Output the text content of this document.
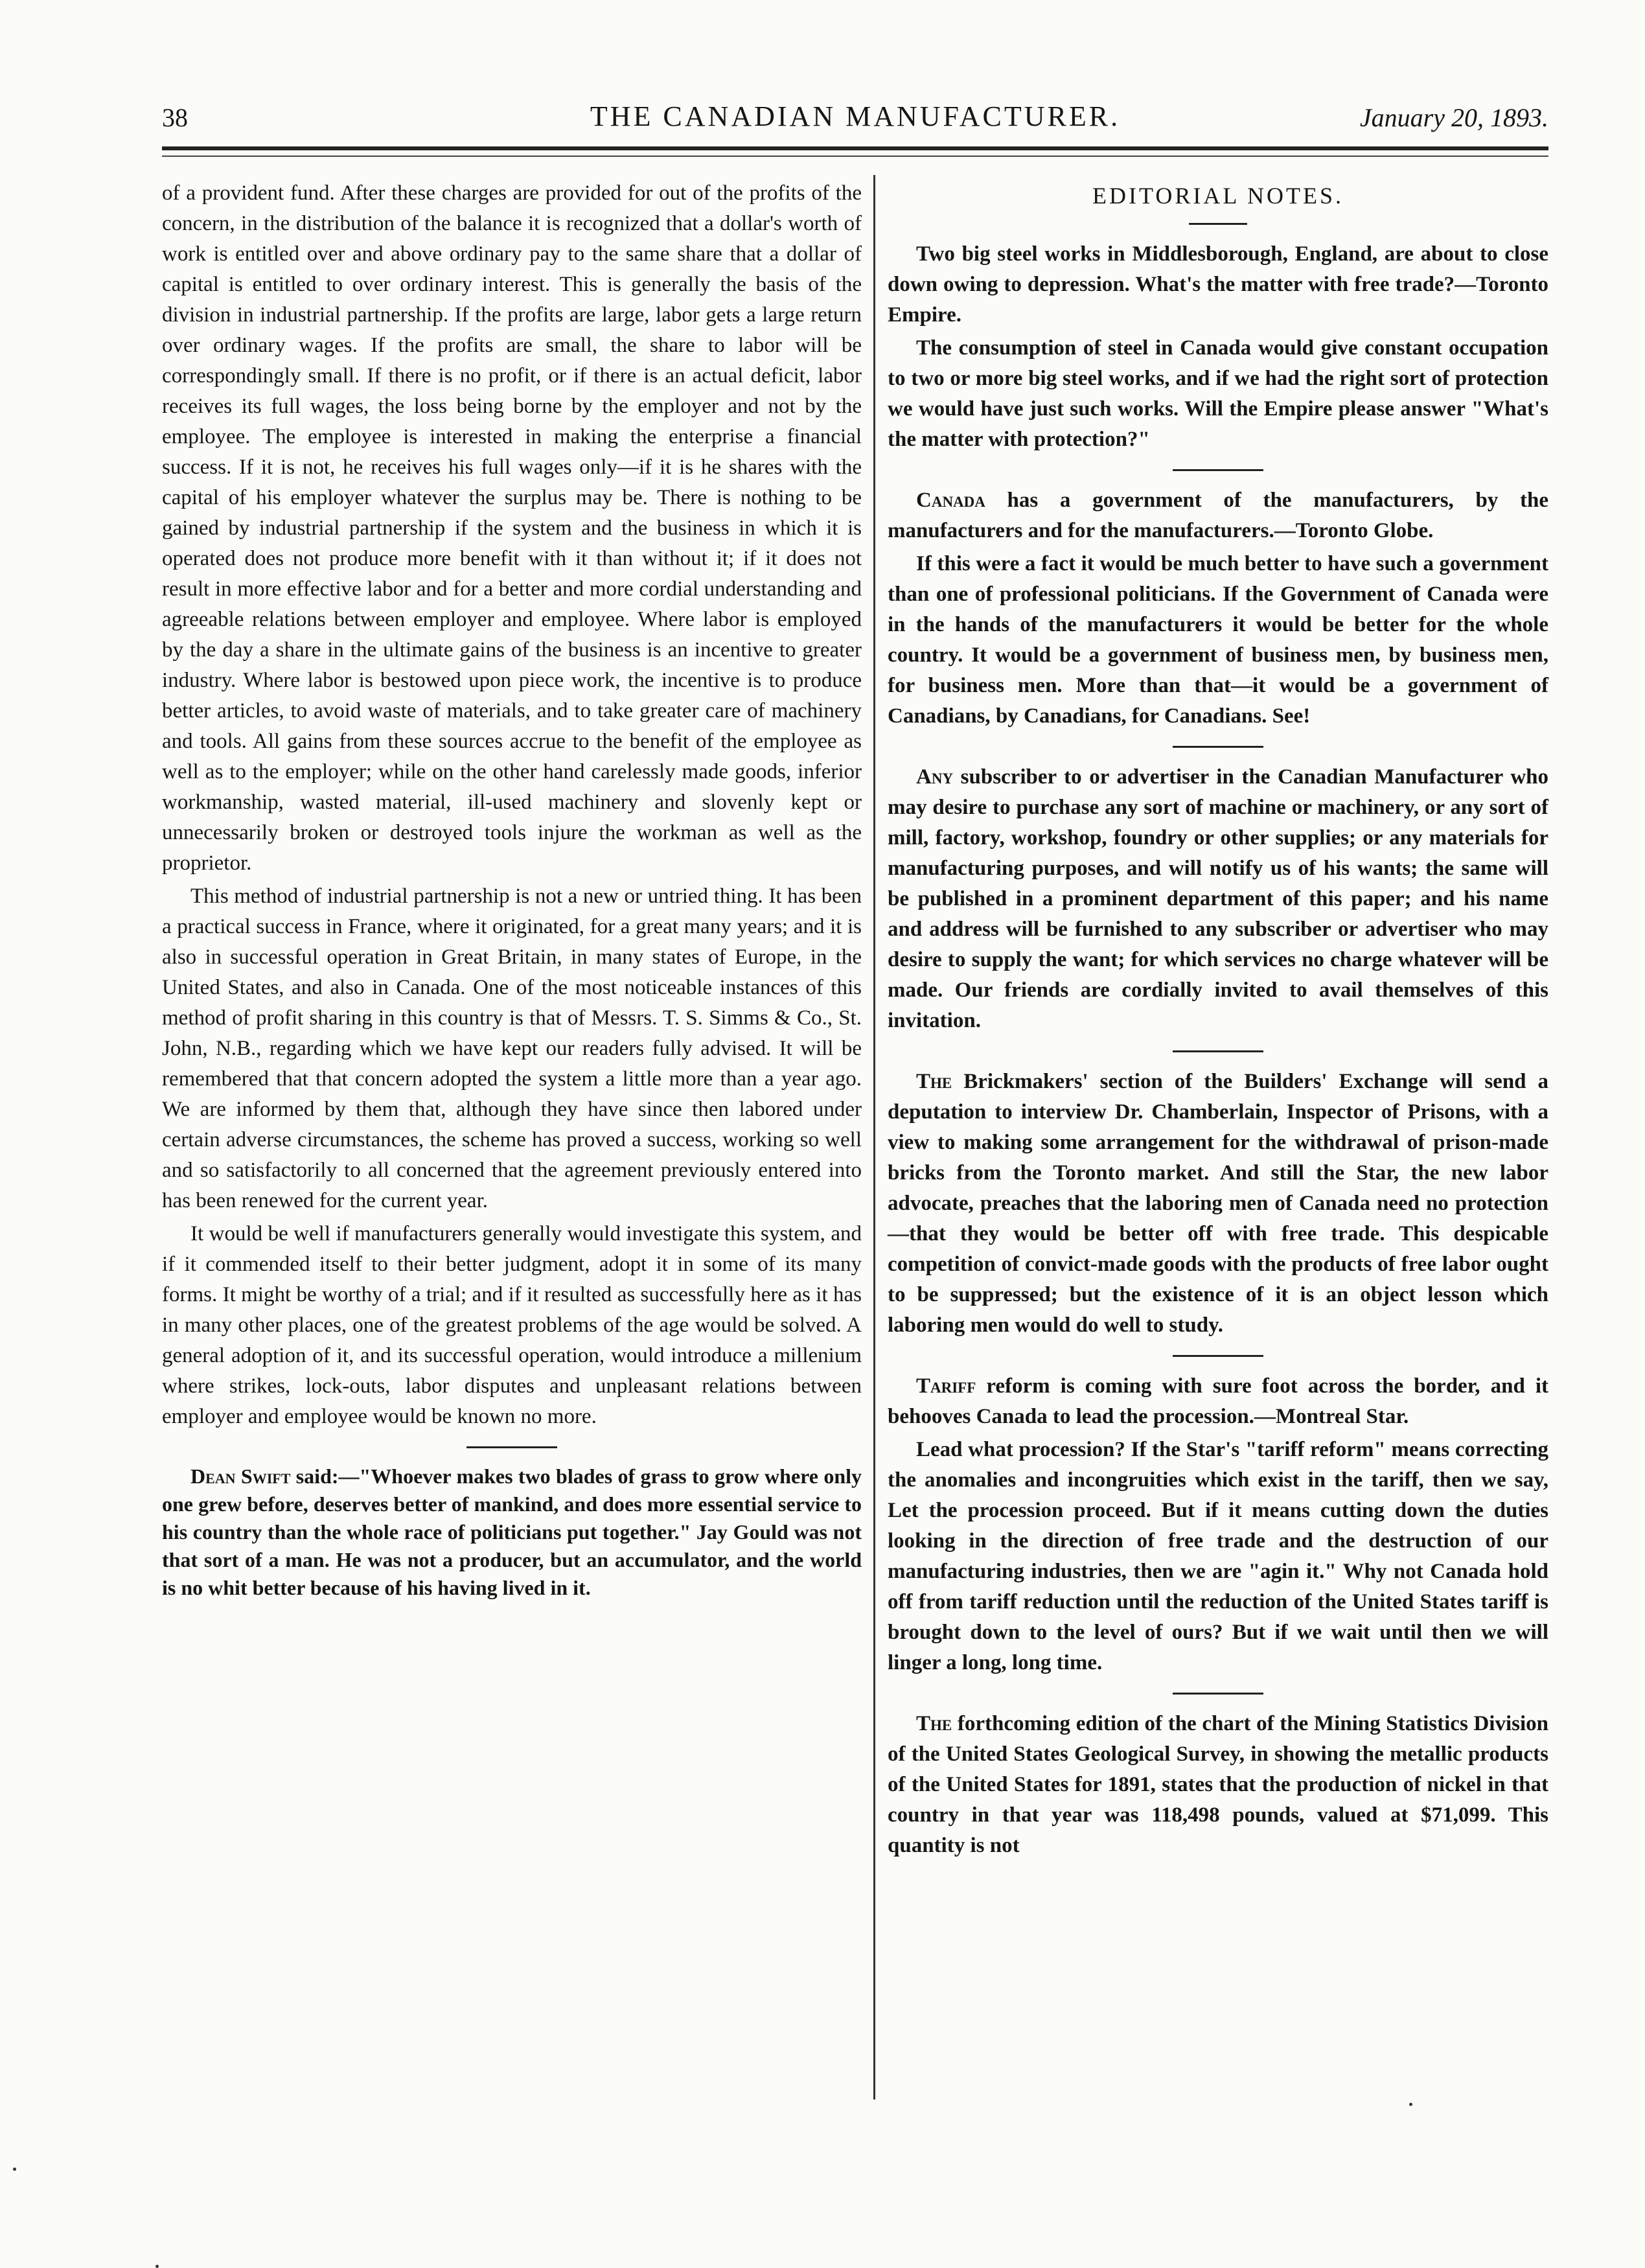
38	THE CANADIAN MANUFACTURER.	January 20, 1893.

of a provident fund. After these charges are provided for out of the profits of the concern, in the distribution of the balance it is recognized that a dollar's worth of work is entitled over and above ordinary pay to the same share that a dollar of capital is entitled to over ordinary interest. This is generally the basis of the division in industrial partnership. If the profits are large, labor gets a large return over ordinary wages. If the profits are small, the share to labor will be correspondingly small. If there is no profit, or if there is an actual deficit, labor receives its full wages, the loss being borne by the employer and not by the employee. The employee is interested in making the enterprise a financial success. If it is not, he receives his full wages only—if it is he shares with the capital of his employer whatever the surplus may be. There is nothing to be gained by industrial partnership if the system and the business in which it is operated does not produce more benefit with it than without it; if it does not result in more effective labor and for a better and more cordial understanding and agreeable relations between employer and employee. Where labor is employed by the day a share in the ultimate gains of the business is an incentive to greater industry. Where labor is bestowed upon piece work, the incentive is to produce better articles, to avoid waste of materials, and to take greater care of machinery and tools. All gains from these sources accrue to the benefit of the employee as well as to the employer; while on the other hand carelessly made goods, inferior workmanship, wasted material, ill-used machinery and slovenly kept or unnecessarily broken or destroyed tools injure the workman as well as the proprietor.

This method of industrial partnership is not a new or untried thing. It has been a practical success in France, where it originated, for a great many years; and it is also in successful operation in Great Britain, in many states of Europe, in the United States, and also in Canada. One of the most noticeable instances of this method of profit sharing in this country is that of Messrs. T. S. Simms & Co., St. John, N.B., regarding which we have kept our readers fully advised. It will be remembered that that concern adopted the system a little more than a year ago. We are informed by them that, although they have since then labored under certain adverse circumstances, the scheme has proved a success, working so well and so satisfactorily to all concerned that the agreement previously entered into has been renewed for the current year.

It would be well if manufacturers generally would investigate this system, and if it commended itself to their better judgment, adopt it in some of its many forms. It might be worthy of a trial; and if it resulted as successfully here as it has in many other places, one of the greatest problems of the age would be solved. A general adoption of it, and its successful operation, would introduce a millenium where strikes, lock-outs, labor disputes and unpleasant relations between employer and employee would be known no more.

Dean Swift said:—"Whoever makes two blades of grass to grow where only one grew before, deserves better of mankind, and does more essential service to his country than the whole race of politicians put together." Jay Gould was not that sort of a man. He was not a producer, but an accumulator, and the world is no whit better because of his having lived in it.

EDITORIAL NOTES.

Two big steel works in Middlesborough, England, are about to close down owing to depression. What's the matter with free trade?—Toronto Empire.

The consumption of steel in Canada would give constant occupation to two or more big steel works, and if we had the right sort of protection we would have just such works. Will the Empire please answer "What's the matter with protection?"

Canada has a government of the manufacturers, by the manufacturers and for the manufacturers.—Toronto Globe.

If this were a fact it would be much better to have such a government than one of professional politicians. If the Government of Canada were in the hands of the manufacturers it would be better for the whole country. It would be a government of business men, by business men, for business men. More than that—it would be a government of Canadians, by Canadians, for Canadians. See!

Any subscriber to or advertiser in the Canadian Manufacturer who may desire to purchase any sort of machine or machinery, or any sort of mill, factory, workshop, foundry or other supplies; or any materials for manufacturing purposes, and will notify us of his wants; the same will be published in a prominent department of this paper; and his name and address will be furnished to any subscriber or advertiser who may desire to supply the want; for which services no charge whatever will be made. Our friends are cordially invited to avail themselves of this invitation.

The Brickmakers' section of the Builders' Exchange will send a deputation to interview Dr. Chamberlain, Inspector of Prisons, with a view to making some arrangement for the withdrawal of prison-made bricks from the Toronto market. And still the Star, the new labor advocate, preaches that the laboring men of Canada need no protection—that they would be better off with free trade. This despicable competition of convict-made goods with the products of free labor ought to be suppressed; but the existence of it is an object lesson which laboring men would do well to study.

Tariff reform is coming with sure foot across the border, and it behooves Canada to lead the procession.—Montreal Star.

Lead what procession? If the Star's "tariff reform" means correcting the anomalies and incongruities which exist in the tariff, then we say, Let the procession proceed. But if it means cutting down the duties looking in the direction of free trade and the destruction of our manufacturing industries, then we are "agin it." Why not Canada hold off from tariff reduction until the reduction of the United States tariff is brought down to the level of ours? But if we wait until then we will linger a long, long time.

The forthcoming edition of the chart of the Mining Statistics Division of the United States Geological Survey, in showing the metallic products of the United States for 1891, states that the production of nickel in that country in that year was 118,498 pounds, valued at $71,099. This quantity is not
